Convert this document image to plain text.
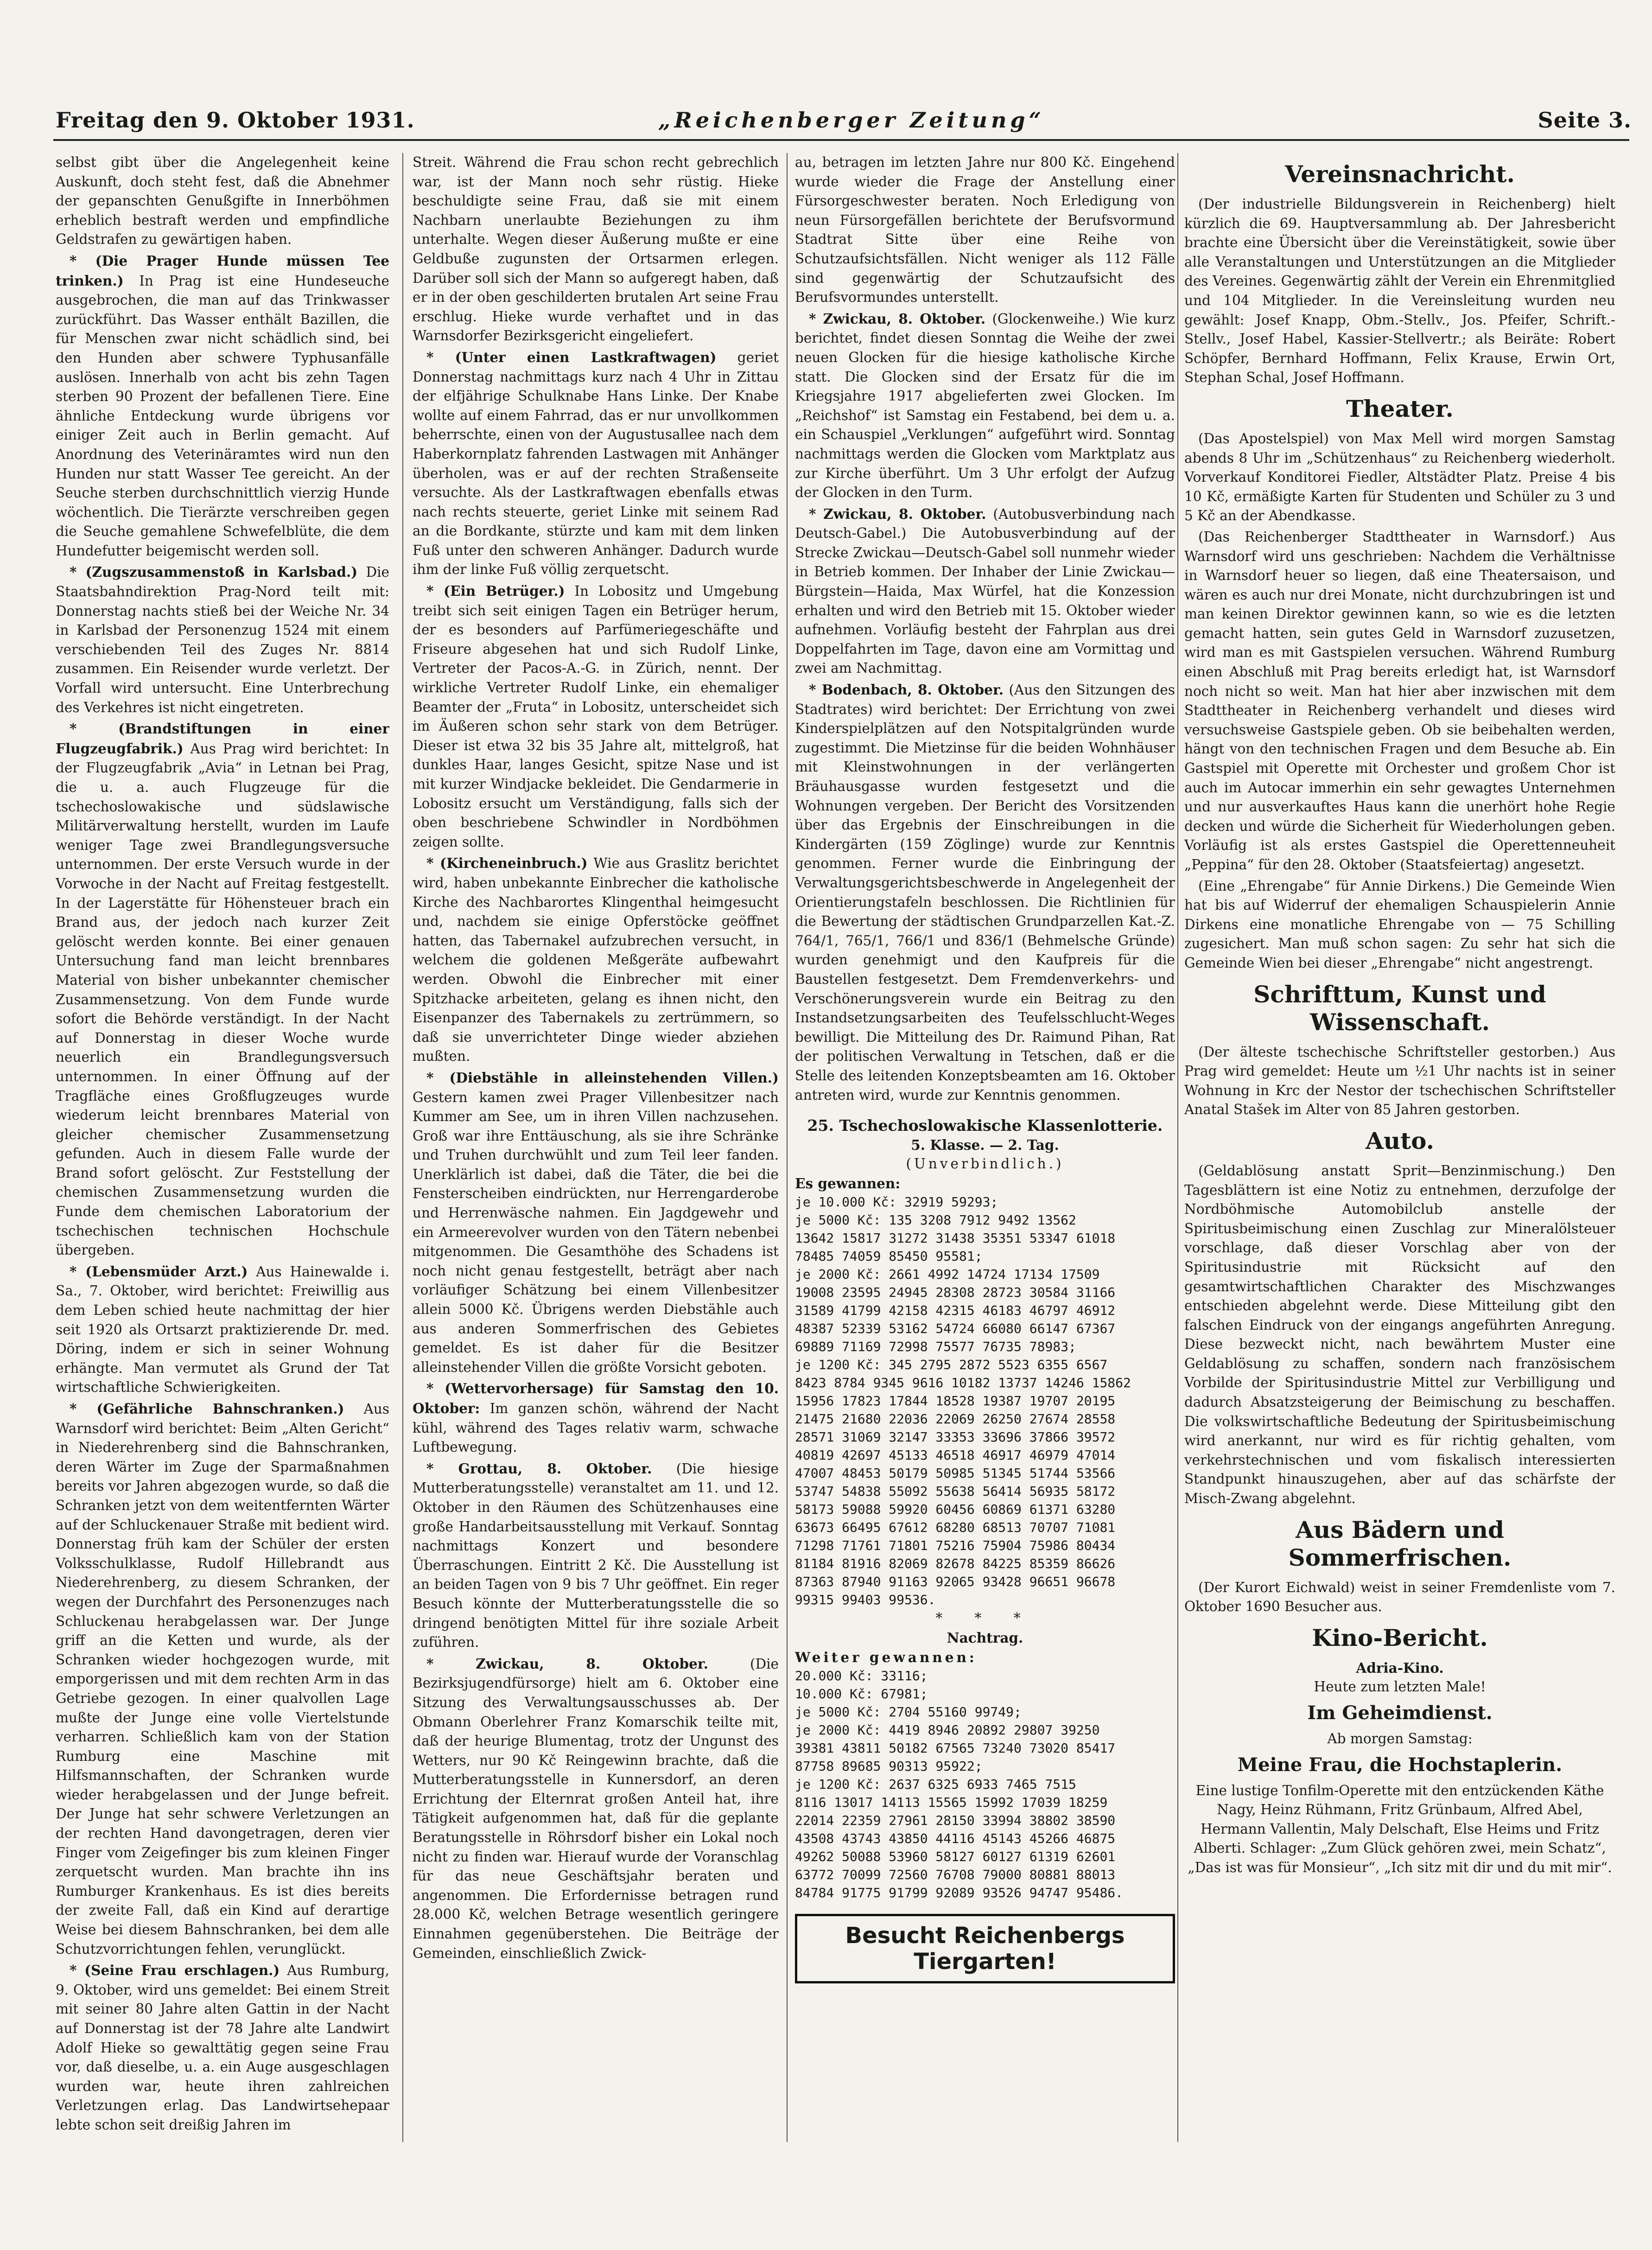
Freitag den 9. Oktober 1931.	„Reichenberger Zeitung“	Seite 3.

selbst gibt über die Angelegenheit keine Auskunft, doch steht fest, daß die Abnehmer der gepanschten Genußgifte in Innerböhmen erheblich bestraft werden und empfindliche Geldstrafen zu gewärtigen haben.

* (Die Prager Hunde müssen Tee trinken.) In Prag ist eine Hundeseuche ausgebrochen, die man auf das Trinkwasser zurückführt. Das Wasser enthält Bazillen, die für Menschen zwar nicht schädlich sind, bei den Hunden aber schwere Typhusanfälle auslösen. Innerhalb von acht bis zehn Tagen sterben 90 Prozent der befallenen Tiere. Eine ähnliche Entdeckung wurde übrigens vor einiger Zeit auch in Berlin gemacht. Auf Anordnung des Veterinäramtes wird nun den Hunden nur statt Wasser Tee gereicht. An der Seuche sterben durchschnittlich vierzig Hunde wöchentlich. Die Tierärzte verschreiben gegen die Seuche gemahlene Schwefelblüte, die dem Hundefutter beigemischt werden soll.

* (Zugszusammenstoß in Karlsbad.) Die Staatsbahndirektion Prag-Nord teilt mit: Donnerstag nachts stieß bei der Weiche Nr. 34 in Karlsbad der Personenzug 1524 mit einem verschiebenden Teil des Zuges Nr. 8814 zusammen. Ein Reisender wurde verletzt. Der Vorfall wird untersucht. Eine Unterbrechung des Verkehres ist nicht eingetreten.

* (Brandstiftungen in einer Flugzeugfabrik.) Aus Prag wird berichtet: In der Flugzeugfabrik „Avia“ in Letnan bei Prag, die u. a. auch Flugzeuge für die tschechoslowakische und südslawische Militärverwaltung herstellt, wurden im Laufe weniger Tage zwei Brandlegungsversuche unternommen. Der erste Versuch wurde in der Vorwoche in der Nacht auf Freitag festgestellt. In der Lagerstätte für Höhensteuer brach ein Brand aus, der jedoch nach kurzer Zeit gelöscht werden konnte. Bei einer genauen Untersuchung fand man leicht brennbares Material von bisher unbekannter chemischer Zusammensetzung. Von dem Funde wurde sofort die Behörde verständigt. In der Nacht auf Donnerstag in dieser Woche wurde neuerlich ein Brandlegungsversuch unternommen. In einer Öffnung auf der Tragfläche eines Großflugzeuges wurde wiederum leicht brennbares Material von gleicher chemischer Zusammensetzung gefunden. Auch in diesem Falle wurde der Brand sofort gelöscht. Zur Feststellung der chemischen Zusammensetzung wurden die Funde dem chemischen Laboratorium der tschechischen technischen Hochschule übergeben.

* (Lebensmüder Arzt.) Aus Hainewalde i. Sa., 7. Oktober, wird berichtet: Freiwillig aus dem Leben schied heute nachmittag der hier seit 1920 als Ortsarzt praktizierende Dr. med. Döring, indem er sich in seiner Wohnung erhängte. Man vermutet als Grund der Tat wirtschaftliche Schwierigkeiten.

* (Gefährliche Bahnschranken.) Aus Warnsdorf wird berichtet: Beim „Alten Gericht“ in Niederehrenberg sind die Bahnschranken, deren Wärter im Zuge der Sparmaßnahmen bereits vor Jahren abgezogen wurde, so daß die Schranken jetzt von dem weitentfernten Wärter auf der Schluckenauer Straße mit bedient wird. Donnerstag früh kam der Schüler der ersten Volksschulklasse, Rudolf Hillebrandt aus Niederehrenberg, zu diesem Schranken, der wegen der Durchfahrt des Personenzuges nach Schluckenau herabgelassen war. Der Junge griff an die Ketten und wurde, als der Schranken wieder hochgezogen wurde, mit emporgerissen und mit dem rechten Arm in das Getriebe gezogen. In einer qualvollen Lage mußte der Junge eine volle Viertelstunde verharren. Schließlich kam von der Station Rumburg eine Maschine mit Hilfsmannschaften, der Schranken wurde wieder herabgelassen und der Junge befreit. Der Junge hat sehr schwere Verletzungen an der rechten Hand davongetragen, deren vier Finger vom Zeigefinger bis zum kleinen Finger zerquetscht wurden. Man brachte ihn ins Rumburger Krankenhaus. Es ist dies bereits der zweite Fall, daß ein Kind auf derartige Weise bei diesem Bahnschranken, bei dem alle Schutzvorrichtungen fehlen, verunglückt.

* (Seine Frau erschlagen.) Aus Rumburg, 9. Oktober, wird uns gemeldet: Bei einem Streit mit seiner 80 Jahre alten Gattin in der Nacht auf Donnerstag ist der 78 Jahre alte Landwirt Adolf Hieke so gewalttätig gegen seine Frau vor, daß dieselbe, u. a. ein Auge ausgeschlagen wurden war, heute ihren zahlreichen Verletzungen erlag. Das Landwirtsehepaar lebte schon seit dreißig Jahren im

Streit. Während die Frau schon recht gebrechlich war, ist der Mann noch sehr rüstig. Hieke beschuldigte seine Frau, daß sie mit einem Nachbarn unerlaubte Beziehungen zu ihm unterhalte. Wegen dieser Äußerung mußte er eine Geldbuße zugunsten der Ortsarmen erlegen. Darüber soll sich der Mann so aufgeregt haben, daß er in der oben geschilderten brutalen Art seine Frau erschlug. Hieke wurde verhaftet und in das Warnsdorfer Bezirksgericht eingeliefert.

* (Unter einen Lastkraftwagen) geriet Donnerstag nachmittags kurz nach 4 Uhr in Zittau der elfjährige Schulknabe Hans Linke. Der Knabe wollte auf einem Fahrrad, das er nur unvollkommen beherrschte, einen von der Augustusallee nach dem Haberkornplatz fahrenden Lastwagen mit Anhänger überholen, was er auf der rechten Straßenseite versuchte. Als der Lastkraftwagen ebenfalls etwas nach rechts steuerte, geriet Linke mit seinem Rad an die Bordkante, stürzte und kam mit dem linken Fuß unter den schweren Anhänger. Dadurch wurde ihm der linke Fuß völlig zerquetscht.

* (Ein Betrüger.) In Lobositz und Umgebung treibt sich seit einigen Tagen ein Betrüger herum, der es besonders auf Parfümeriegeschäfte und Friseure abgesehen hat und sich Rudolf Linke, Vertreter der Pacos-A.-G. in Zürich, nennt. Der wirkliche Vertreter Rudolf Linke, ein ehemaliger Beamter der „Fruta“ in Lobositz, unterscheidet sich im Äußeren schon sehr stark von dem Betrüger. Dieser ist etwa 32 bis 35 Jahre alt, mittelgroß, hat dunkles Haar, langes Gesicht, spitze Nase und ist mit kurzer Windjacke bekleidet. Die Gendarmerie in Lobositz ersucht um Verständigung, falls sich der oben beschriebene Schwindler in Nordböhmen zeigen sollte.

* (Kircheneinbruch.) Wie aus Graslitz berichtet wird, haben unbekannte Einbrecher die katholische Kirche des Nachbarortes Klingenthal heimgesucht und, nachdem sie einige Opferstöcke geöffnet hatten, das Tabernakel aufzubrechen versucht, in welchem die goldenen Meßgeräte aufbewahrt werden. Obwohl die Einbrecher mit einer Spitzhacke arbeiteten, gelang es ihnen nicht, den Eisenpanzer des Tabernakels zu zertrümmern, so daß sie unverrichteter Dinge wieder abziehen mußten.

* (Diebstähle in alleinstehenden Villen.) Gestern kamen zwei Prager Villenbesitzer nach Kummer am See, um in ihren Villen nachzusehen. Groß war ihre Enttäuschung, als sie ihre Schränke und Truhen durchwühlt und zum Teil leer fanden. Unerklärlich ist dabei, daß die Täter, die bei die Fensterscheiben eindrückten, nur Herrengarderobe und Herrenwäsche nahmen. Ein Jagdgewehr und ein Armeerevolver wurden von den Tätern nebenbei mitgenommen. Die Gesamthöhe des Schadens ist noch nicht genau festgestellt, beträgt aber nach vorläufiger Schätzung bei einem Villenbesitzer allein 5000 Kč. Übrigens werden Diebstähle auch aus anderen Sommerfrischen des Gebietes gemeldet. Es ist daher für die Besitzer alleinstehender Villen die größte Vorsicht geboten.

* (Wettervorhersage) für Samstag den 10. Oktober: Im ganzen schön, während der Nacht kühl, während des Tages relativ warm, schwache Luftbewegung.

* Grottau, 8. Oktober. (Die hiesige Mutterberatungsstelle) veranstaltet am 11. und 12. Oktober in den Räumen des Schützenhauses eine große Handarbeitsausstellung mit Verkauf. Sonntag nachmittags Konzert und besondere Überraschungen. Eintritt 2 Kč. Die Ausstellung ist an beiden Tagen von 9 bis 7 Uhr geöffnet. Ein reger Besuch könnte der Mutterberatungsstelle die so dringend benötigten Mittel für ihre soziale Arbeit zuführen.

* Zwickau, 8. Oktober.	(Die Bezirksjugendfürsorge) hielt am 6. Oktober eine Sitzung des Verwaltungsausschusses ab. Der Obmann Oberlehrer Franz Komarschik teilte mit, daß der heurige Blumentag, trotz der Ungunst des Wetters, nur 90 Kč Reingewinn brachte, daß die Mutterberatungsstelle in Kunnersdorf, an deren Errichtung der Elternrat großen Anteil hat, ihre Tätigkeit aufgenommen hat, daß für die geplante Beratungsstelle in Röhrsdorf bisher ein Lokal noch nicht zu finden war. Hierauf wurde der Voranschlag für das neue Geschäftsjahr beraten und angenommen. Die Erfordernisse betragen rund 28.000 Kč, welchen Betrage wesentlich geringere Einnahmen gegenüberstehen. Die Beiträge der Gemeinden, einschließlich Zwick-

au, betragen im letzten Jahre nur 800 Kč. Eingehend wurde wieder die Frage der Anstellung einer Fürsorgeschwester beraten. Noch Erledigung von neun Fürsorgefällen berichtete der Berufsvormund Stadtrat Sitte über eine Reihe von Schutzaufsichtsfällen. Nicht weniger als 112 Fälle sind gegenwärtig der Schutzaufsicht des Berufsvormundes unterstellt.

* Zwickau, 8. Oktober. (Glockenweihe.) Wie kurz berichtet, findet diesen Sonntag die Weihe der zwei neuen Glocken für die hiesige katholische Kirche statt. Die Glocken sind der Ersatz für die im Kriegsjahre 1917 abgelieferten zwei Glocken. Im „Reichshof“ ist Samstag ein Festabend, bei dem u. a. ein Schauspiel „Verklungen“ aufgeführt wird. Sonntag nachmittags werden die Glocken vom Marktplatz aus zur Kirche überführt. Um 3 Uhr erfolgt der Aufzug der Glocken in den Turm.

* Zwickau, 8. Oktober. (Autobusverbindung nach Deutsch-Gabel.) Die Autobusverbindung auf der Strecke Zwickau—Deutsch-Gabel soll nunmehr wieder in Betrieb kommen. Der Inhaber der Linie Zwickau—Bürgstein—Haida, Max Würfel, hat die Konzession erhalten und wird den Betrieb mit 15. Oktober wieder aufnehmen. Vorläufig besteht der Fahrplan aus drei Doppelfahrten im Tage, davon eine am Vormittag und zwei am Nachmittag.

* Bodenbach, 8. Oktober. (Aus den Sitzungen des Stadtrates) wird berichtet: Der Errichtung von zwei Kinderspielplätzen auf den Notspitalgründen wurde zugestimmt. Die Mietzinse für die beiden Wohnhäuser mit Kleinstwohnungen in der verlängerten Bräuhausgasse wurden festgesetzt und die Wohnungen vergeben. Der Bericht des Vorsitzenden über das Ergebnis der Einschreibungen in die Kindergärten (159 Zöglinge) wurde zur Kenntnis genommen. Ferner wurde die Einbringung der Verwaltungsgerichtsbeschwerde in Angelegenheit der Orientierungstafeln beschlossen. Die Richtlinien für die Bewertung der städtischen Grundparzellen Kat.-Z. 764/1, 765/1, 766/1 und 836/1 (Behmelsche Gründe) wurden genehmigt und den Kaufpreis für die Baustellen festgesetzt. Dem Fremdenverkehrs- und Verschönerungsverein wurde ein Beitrag zu den Instandsetzungsarbeiten des Teufelsschlucht-Weges bewilligt. Die Mitteilung des Dr. Raimund Pihan, Rat der politischen Verwaltung in Tetschen, daß er die Stelle des leitenden Konzeptsbeamten am 16. Oktober antreten wird, wurde zur Kenntnis genommen.

25. Tschechoslowakische Klassenlotterie.
5. Klasse. — 2. Tag.
(Unverbindlich.)
Es gewannen:
je 10.000 Kč: 32919 59293;
je 5000 Kč: 135 3208 7912 9492 13562
13642 15817 31272 31438 35351 53347 61018
78485 74059 85450 95581;
je 2000 Kč: 2661 4992 14724 17134 17509
19008 23595 24945 28308 28723 30584 31166
31589 41799 42158 42315 46183 46797 46912
48387 52339 53162 54724 66080 66147 67367
69889 71169 72998 75577 76735 78983;
je 1200 Kč: 345 2795 2872 5523 6355 6567
8423 8784 9345 9616 10182 13737 14246 15862
15956 17823 17844 18528 19387 19707 20195
21475 21680 22036 22069 26250 27674 28558
28571 31069 32147 33353 33696 37866 39572
40819 42697 45133 46518 46917 46979 47014
47007 48453 50179 50985 51345 51744 53566
53747 54838 55092 55638 56414 56935 58172
58173 59088 59920 60456 60869 61371 63280
63673 66495 67612 68280 68513 70707 71081
71298 71761 71801 75216 75904 75986 80434
81184 81916 82069 82678 84225 85359 86626
87363 87940 91163 92065 93428 96651 96678
99315 99403 99536.
* * *
Nachtrag.
Weiter gewannen:
20.000 Kč: 33116;
10.000 Kč: 67981;
je 5000 Kč: 2704 55160 99749;
je 2000 Kč: 4419 8946 20892 29807 39250
39381 43811 50182 67565 73240 73020 85417
87758 89685 90313 95922;
je 1200 Kč: 2637 6325 6933 7465 7515
8116 13017 14113 15565 15992 17039 18259
22014 22359 27961 28150 33994 38802 38590
43508 43743 43850 44116 45143 45266 46875
49262 50088 53960 58127 60127 61319 62601
63772 70099 72560 76708 79000 80881 88013
84784 91775 91799 92089 93526 94747 95486.
Besucht Reichenbergs Tiergarten!
Vereinsnachricht.

(Der industrielle Bildungsverein in Reichenberg) hielt kürzlich die 69. Hauptversammlung ab. Der Jahresbericht brachte eine Übersicht über die Vereinstätigkeit, sowie über alle Veranstaltungen und Unterstützungen an die Mitglieder des Vereines. Gegenwärtig zählt der Verein ein Ehrenmitglied und 104 Mitglieder. In die Vereinsleitung wurden neu gewählt: Josef Knapp, Obm.-Stellv., Jos. Pfeifer, Schrift.-Stellv., Josef Habel, Kassier-Stellvertr.; als Beiräte: Robert Schöpfer, Bernhard Hoffmann, Felix Krause, Erwin Ort, Stephan Schal, Josef Hoffmann.

Theater.

(Das Apostelspiel) von Max Mell wird morgen Samstag abends 8 Uhr im „Schützenhaus“ zu Reichenberg wiederholt. Vorverkauf Konditorei Fiedler, Altstädter Platz. Preise 4 bis 10 Kč, ermäßigte Karten für Studenten und Schüler zu 3 und 5 Kč an der Abendkasse.

(Das Reichenberger Stadttheater in Warnsdorf.) Aus Warnsdorf wird uns geschrieben: Nachdem die Verhältnisse in Warnsdorf heuer so liegen, daß eine Theatersaison, und wären es auch nur drei Monate, nicht durchzubringen ist und man keinen Direktor gewinnen kann, so wie es die letzten gemacht hatten, sein gutes Geld in Warnsdorf zuzusetzen, wird man es mit Gastspielen versuchen. Während Rumburg einen Abschluß mit Prag bereits erledigt hat, ist Warnsdorf noch nicht so weit. Man hat hier aber inzwischen mit dem Stadttheater in Reichenberg verhandelt und dieses wird versuchsweise Gastspiele geben. Ob sie beibehalten werden, hängt von den technischen Fragen und dem Besuche ab. Ein Gastspiel mit Operette mit Orchester und großem Chor ist auch im Autocar immerhin ein sehr gewagtes Unternehmen und nur ausverkauftes Haus kann die unerhört hohe Regie decken und würde die Sicherheit für Wiederholungen geben. Vorläufig ist als erstes Gastspiel die Operettenneuheit „Peppina“ für den 28. Oktober (Staatsfeiertag) angesetzt.

(Eine „Ehrengabe“ für Annie Dirkens.) Die Gemeinde Wien hat bis auf Widerruf der ehemaligen Schauspielerin Annie Dirkens eine monatliche Ehrengabe von — 75 Schilling zugesichert. Man muß schon sagen: Zu sehr hat sich die Gemeinde Wien bei dieser „Ehrengabe“ nicht angestrengt.

Schrifttum, Kunst und Wissenschaft.

(Der älteste tschechische Schriftsteller gestorben.) Aus Prag wird gemeldet: Heute um ½1 Uhr nachts ist in seiner Wohnung in Krc der Nestor der tschechischen Schriftsteller Anatal Stašek im Alter von 85 Jahren gestorben.

Auto.

(Geldablösung anstatt Sprit—Benzinmischung.) Den Tagesblättern ist eine Notiz zu entnehmen, derzufolge der Nordböhmische Automobilclub anstelle der Spiritusbeimischung einen Zuschlag zur Mineralölsteuer vorschlage, daß dieser Vorschlag aber von der Spiritusindustrie mit Rücksicht auf den gesamtwirtschaftlichen Charakter des Mischzwanges entschieden abgelehnt werde. Diese Mitteilung gibt den falschen Eindruck von der eingangs angeführten Anregung. Diese bezweckt nicht, nach bewährtem Muster eine Geldablösung zu schaffen, sondern nach französischem Vorbilde der Spiritusindustrie Mittel zur Verbilligung und dadurch Absatzsteigerung der Beimischung zu beschaffen. Die volkswirtschaftliche Bedeutung der Spiritusbeimischung wird anerkannt, nur wird es für richtig gehalten, vom verkehrstechnischen und vom fiskalisch interessierten Standpunkt hinauszugehen, aber auf das schärfste der Misch-Zwang abgelehnt.

Aus Bädern und Sommerfrischen.

(Der Kurort Eichwald) weist in seiner Fremdenliste vom 7. Oktober 1690 Besucher aus.

Kino-Bericht.
Adria-Kino.
Heute zum letzten Male!
Im Geheimdienst.
Ab morgen Samstag:
Meine Frau, die Hochstaplerin.

Eine lustige Tonfilm-Operette mit den entzückenden Käthe Nagy, Heinz Rühmann, Fritz Grünbaum, Alfred Abel, Hermann Vallentin, Maly Delschaft, Else Heims und Fritz Alberti. Schlager: „Zum Glück gehören zwei, mein Schatz“, „Das ist was für Monsieur“, „Ich sitz mit dir und du mit mir“.
